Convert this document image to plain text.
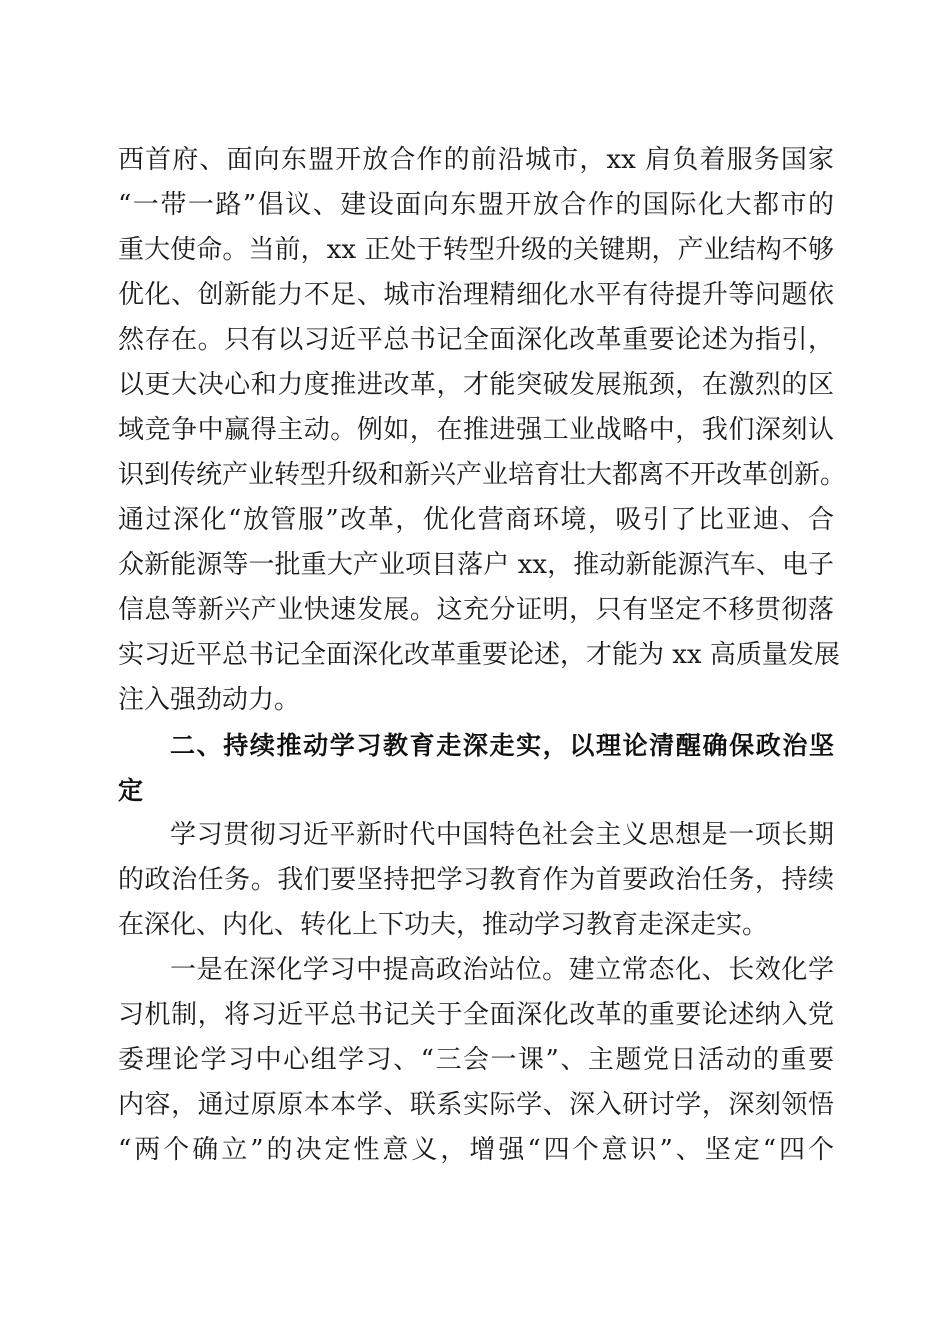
西首府、面向东盟开放合作的前沿城市，xx 肩负着服务国家
“一带一路”倡议、建设面向东盟开放合作的国际化大都市的
重大使命。当前，xx 正处于转型升级的关键期，产业结构不够
优化、创新能力不足、城市治理精细化水平有待提升等问题依
然存在。只有以习近平总书记全面深化改革重要论述为指引，
以更大决心和力度推进改革，才能突破发展瓶颈，在激烈的区
域竞争中赢得主动。例如，在推进强工业战略中，我们深刻认
识到传统产业转型升级和新兴产业培育壮大都离不开改革创新。
通过深化“放管服”改革，优化营商环境，吸引了比亚迪、合
众新能源等一批重大产业项目落户 xx，推动新能源汽车、电子
信息等新兴产业快速发展。这充分证明，只有坚定不移贯彻落
实习近平总书记全面深化改革重要论述，才能为 xx 高质量发展
注入强劲动力。
二、持续推动学习教育走深走实，以理论清醒确保政治坚
定
学习贯彻习近平新时代中国特色社会主义思想是一项长期
的政治任务。我们要坚持把学习教育作为首要政治任务，持续
在深化、内化、转化上下功夫，推动学习教育走深走实。
一是在深化学习中提高政治站位。建立常态化、长效化学
习机制，将习近平总书记关于全面深化改革的重要论述纳入党
委理论学习中心组学习、“三会一课”、主题党日活动的重要
内容，通过原原本本学、联系实际学、深入研讨学，深刻领悟
“两个确立”的决定性意义，增强“四个意识”、坚定“四个
